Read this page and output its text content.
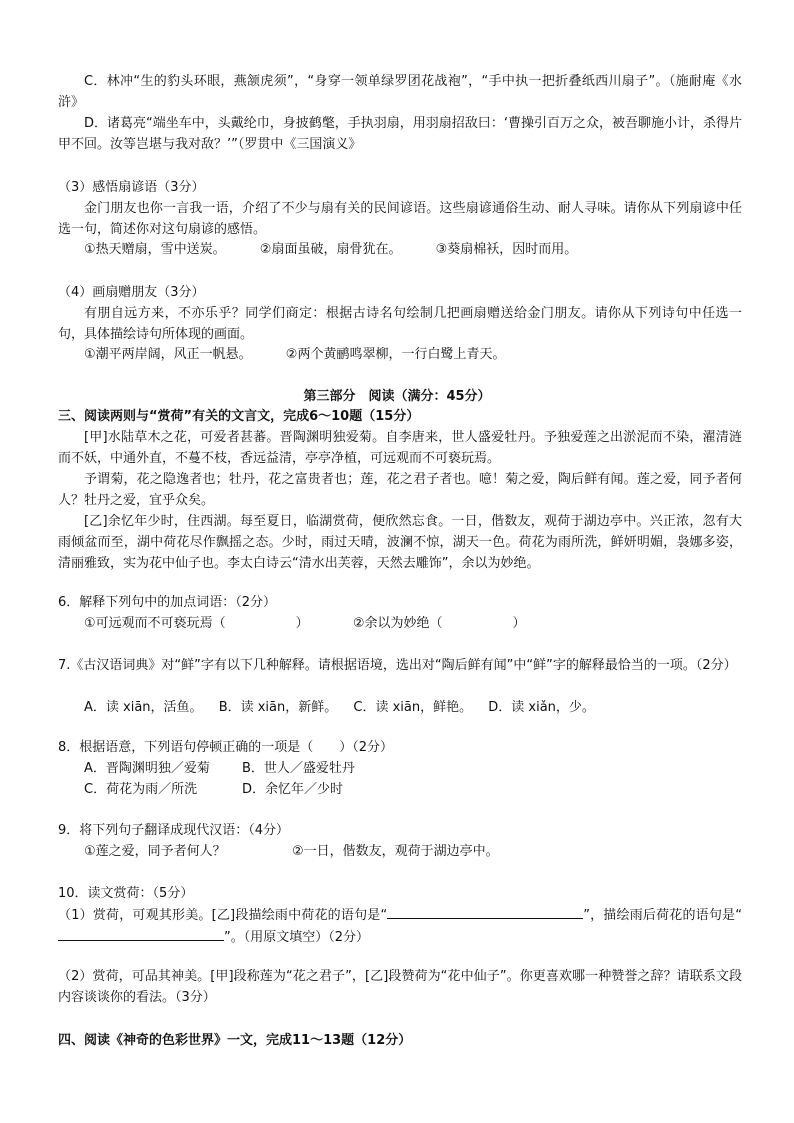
C．林冲“生的豹头环眼，燕颔虎须”，“身穿一领单绿罗团花战袍”，“手中执一把折叠纸西川扇子”。（施耐庵《水浒》
D．诸葛亮“端坐车中，头戴纶巾，身披鹤氅，手执羽扇，用羽扇招敌曰：‘曹操引百万之众，被吾聊施小计，杀得片甲不回。汝等岂堪与我对敌？’”（罗贯中《三国演义》
（3）感悟扇谚语（3分）
金门朋友也你一言我一语，介绍了不少与扇有关的民间谚语。这些扇谚通俗生动、耐人寻味。请你从下列扇谚中任选一句，简述你对这句扇谚的感悟。
①热天赠扇，雪中送炭。	②扇面虽破，扇骨犹在。	③葵扇棉袄，因时而用。
（4）画扇赠朋友（3分）
有朋自远方来，不亦乐乎？同学们商定：根据古诗名句绘制几把画扇赠送给金门朋友。请你从下列诗句中任选一句，具体描绘诗句所体现的画面。
①潮平两岸阔，风正一帆悬。	②两个黄鹂鸣翠柳，一行白鹭上青天。
第三部分　阅读（满分：45分）
三、阅读两则与“赏荷”有关的文言文，完成6～10题（15分）
[甲]水陆草木之花，可爱者甚蕃。晋陶渊明独爱菊。自李唐来，世人盛爱牡丹。予独爱莲之出淤泥而不染，濯清涟而不妖，中通外直，不蔓不枝，香远益清，亭亭净植，可远观而不可亵玩焉。
予谓菊，花之隐逸者也；牡丹，花之富贵者也；莲，花之君子者也。噫！菊之爱，陶后鲜有闻。莲之爱，同予者何人？牡丹之爱，宜乎众矣。
[乙]余忆年少时，住西湖。每至夏日，临湖赏荷，便欣然忘食。一日，偕数友，观荷于湖边亭中。兴正浓，忽有大雨倾盆而至，湖中荷花尽作飘摇之态。少时，雨过天晴，波澜不惊，湖天一色。荷花为雨所洗，鲜妍明媚，袅娜多姿，清丽雅致，实为花中仙子也。李太白诗云“清水出芙蓉，天然去雕饰”，余以为妙绝。
6．解释下列句中的加点词语：（2分）
①可远观而不可亵玩焉（	）	②余以为妙绝（	）
7.《古汉语词典》对“鲜”字有以下几种解释。请根据语境，选出对“陶后鲜有闻”中“鲜”字的解释最恰当的一项。（2分）
A．读 xiān，活鱼。 B．读 xiān，新鲜。 C．读 xiān，鲜艳。 D．读 xiǎn，少。
8．根据语意，下列语句停顿正确的一项是（　　）（2分）
A．晋陶渊明独／爱菊 B．世人／盛爱牡丹
C．荷花为雨／所洗	D．余忆年／少时
9．将下列句子翻译成现代汉语：（4分）
①莲之爱，同予者何人？	②一日，偕数友，观荷于湖边亭中。
10．读文赏荷：（5分）
（1）赏荷，可观其形美。[乙]段描绘雨中荷花的语句是“	”，描绘雨后荷花的语句是“”。（用原文填空）（2分）
（2）赏荷，可品其神美。[甲]段称莲为“花之君子”，[乙]段赞荷为“花中仙子”。你更喜欢哪一种赞誉之辞？请联系文段内容谈谈你的看法。（3分）
四、阅读《神奇的色彩世界》一文，完成11～13题（12分）
